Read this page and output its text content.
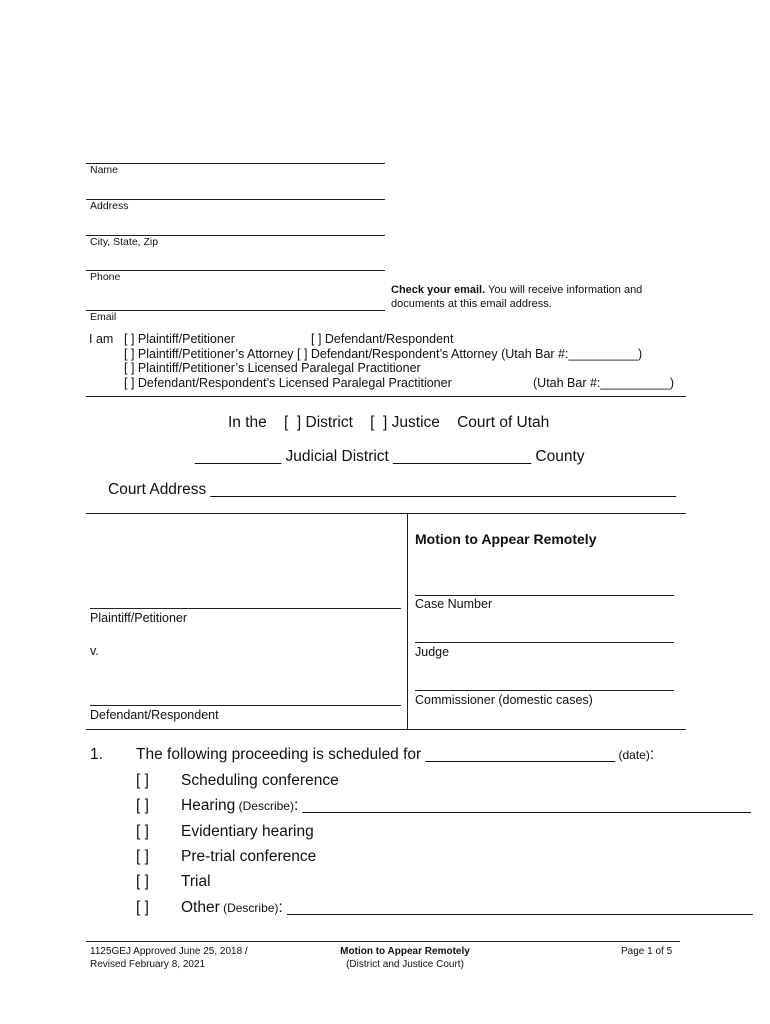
Name
Address
City, State, Zip
Phone
Email
Check your email. You will receive information and
documents at this email address.
I am [ ] Plaintiff/Petitioner	[ ] Defendant/Respondent
[ ] Plaintiff/Petitioner’s Attorney [ ] Defendant/Respondent’s Attorney (Utah Bar #:__________)
[ ] Plaintiff/Petitioner’s Licensed Paralegal Practitioner
[ ] Defendant/Respondent’s Licensed Paralegal Practitioner	(Utah Bar #:__________)
In the    [  ] District    [  ] Justice    Court of Utah
__________ Judicial District ________________ County
Court Address ______________________________________________________
Motion to Appear Remotely
Plaintiff/Petitioner
v.
Defendant/Respondent
Case Number
Judge
Commissioner (domestic cases)
1. The following proceeding is scheduled for ______________________ (date):
[ ] Scheduling conference
[ ] Hearing (Describe): ____________________________________________________
[ ] Evidentiary hearing
[ ] Pre-trial conference
[ ] Trial
[ ] Other (Describe): ______________________________________________________
1125GEJ Approved June 25, 2018 /
Revised February 8, 2021
Motion to Appear Remotely
(District and Justice Court)
Page 1 of 5
